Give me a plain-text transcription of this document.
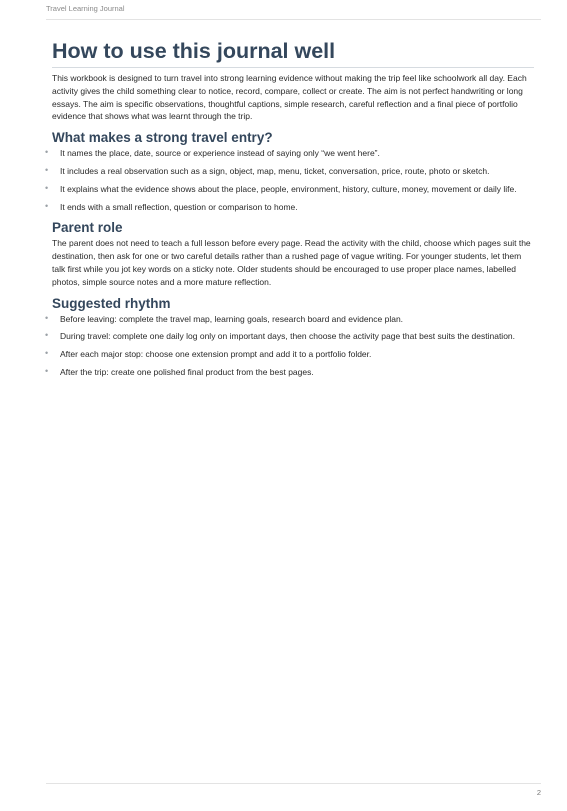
Travel Learning Journal
How to use this journal well

This workbook is designed to turn travel into strong learning evidence without making the trip feel like schoolwork all day. Each activity gives the child something clear to notice, record, compare, collect or create. The aim is not perfect handwriting or long essays. The aim is specific observations, thoughtful captions, simple research, careful reflection and a final piece of portfolio evidence that shows what was learnt through the trip.

What makes a strong travel entry?
• It names the place, date, source or experience instead of saying only “we went here”.
• It includes a real observation such as a sign, object, map, menu, ticket, conversation, price, route, photo or sketch.
• It explains what the evidence shows about the place, people, environment, history, culture, money, movement or daily life.
• It ends with a small reflection, question or comparison to home.
Parent role

The parent does not need to teach a full lesson before every page. Read the activity with the child, choose which pages suit the destination, then ask for one or two careful details rather than a rushed page of vague writing. For younger students, let them talk first while you jot key words on a sticky note. Older students should be encouraged to use proper place names, labelled photos, simple source notes and a more mature reflection.

Suggested rhythm
• Before leaving: complete the travel map, learning goals, research board and evidence plan.
• During travel: complete one daily log only on important days, then choose the activity page that best suits the destination.
• After each major stop: choose one extension prompt and add it to a portfolio folder.
• After the trip: create one polished final product from the best pages.
2
